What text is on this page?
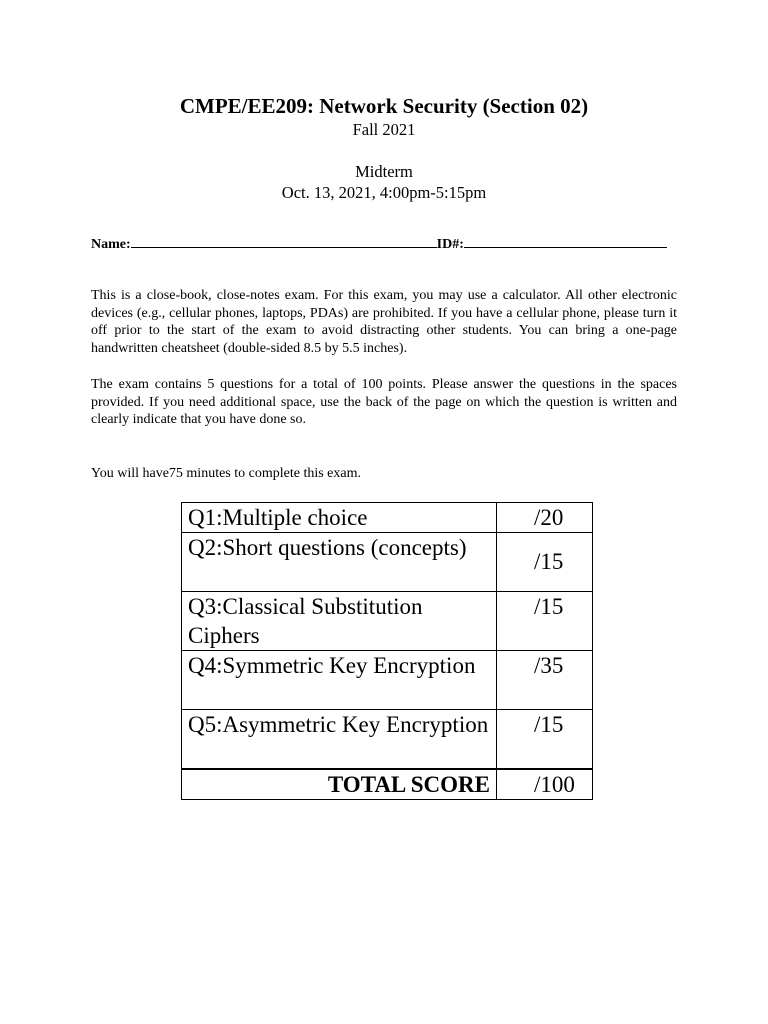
CMPE/EE209: Network Security (Section 02)
Fall 2021
Midterm
Oct. 13, 2021, 4:00pm-5:15pm
Name:	ID#:
This is a close-book, close-notes exam. For this exam, you may use a calculator. All other electronic devices (e.g., cellular phones, laptops, PDAs) are prohibited. If you have a cellular phone, please turn it off prior to the start of the exam to avoid distracting other students. You can bring a one-page handwritten cheatsheet (double-sided 8.5 by 5.5 inches).
The exam contains 5 questions for a total of 100 points. Please answer the questions in the spaces provided. If you need additional space, use the back of the page on which the question is written and clearly indicate that you have done so.
You will have75 minutes to complete this exam.
Q1:Multiple choice	/20
Q2:Short questions (concepts)	/15
Q3:Classical Substitution Ciphers	/15
Q4:Symmetric Key Encryption	/35
Q5:Asymmetric Key Encryption	/15
TOTAL SCORE	/100
